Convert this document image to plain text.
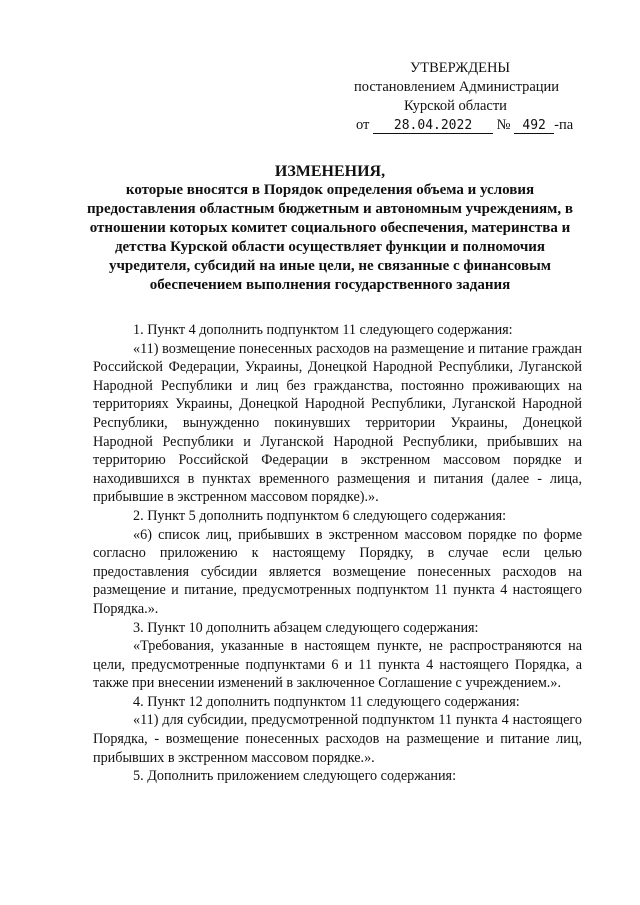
УТВЕРЖДЕНЫ
постановлением Администрации
Курской области
от 28.04.2022 № 492 -па
ИЗМЕНЕНИЯ,
которые вносятся в Порядок определения объема и условия предоставления областным бюджетным и автономным учреждениям, в отношении которых комитет социального обеспечения, материнства и детства Курской области осуществляет функции и полномочия учредителя, субсидий на иные цели, не связанные с финансовым обеспечением выполнения государственного задания

1. Пункт 4 дополнить подпунктом 11 следующего содержания:

«11) возмещение понесенных расходов на размещение и питание граждан Российской Федерации, Украины, Донецкой Народной Республики, Луганской Народной Республики и лиц без гражданства, постоянно проживающих на территориях Украины, Донецкой Народной Республики, Луганской Народной Республики, вынужденно покинувших территории Украины, Донецкой Народной Республики и Луганской Народной Республики, прибывших на территорию Российской Федерации в экстренном массовом порядке и находившихся в пунктах временного размещения и питания (далее - лица, прибывшие в экстренном массовом порядке).».

2. Пункт 5 дополнить подпунктом 6 следующего содержания:

«6) список лиц, прибывших в экстренном массовом порядке по форме согласно приложению к настоящему Порядку, в случае если целью предоставления субсидии является возмещение понесенных расходов на размещение и питание, предусмотренных подпунктом 11 пункта 4 настоящего Порядка.».

3. Пункт 10 дополнить абзацем следующего содержания:

«Требования, указанные в настоящем пункте, не распространяются на цели, предусмотренные подпунктами 6 и 11 пункта 4 настоящего Порядка, а также при внесении изменений в заключенное Соглашение с учреждением.».

4. Пункт 12 дополнить подпунктом 11 следующего содержания:

«11) для субсидии, предусмотренной подпунктом 11 пункта 4 настоящего Порядка, - возмещение понесенных расходов на размещение и питание лиц, прибывших в экстренном массовом порядке.».

5. Дополнить приложением следующего содержания:
